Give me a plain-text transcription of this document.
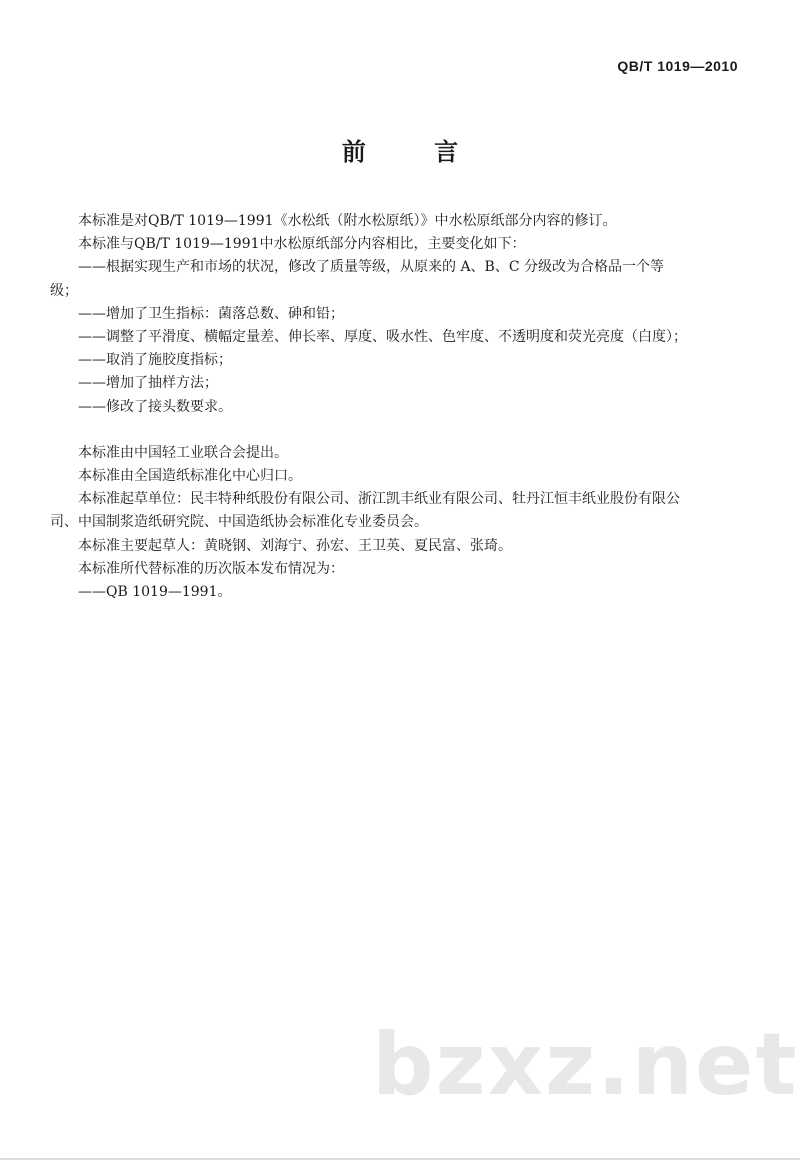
QB/T 1019—2010
前 言

本标准是对QB/T 1019—1991《水松纸（附水松原纸）》中水松原纸部分内容的修订。

本标准与QB/T 1019—1991中水松原纸部分内容相比，主要变化如下：

——根据实现生产和市场的状况，修改了质量等级，从原来的 A、B、C 分级改为合格品一个等

级；

——增加了卫生指标：菌落总数、砷和铅；

——调整了平滑度、横幅定量差、伸长率、厚度、吸水性、色牢度、不透明度和荧光亮度（白度）；

——取消了施胶度指标；

——增加了抽样方法；

——修改了接头数要求。

本标准由中国轻工业联合会提出。

本标准由全国造纸标准化中心归口。

本标准起草单位：民丰特种纸股份有限公司、浙江凯丰纸业有限公司、牡丹江恒丰纸业股份有限公

司、中国制浆造纸研究院、中国造纸协会标准化专业委员会。

本标准主要起草人：黄晓钢、刘海宁、孙宏、王卫英、夏民富、张琦。

本标准所代替标准的历次版本发布情况为：

——QB 1019—1991。

bzxz.net
